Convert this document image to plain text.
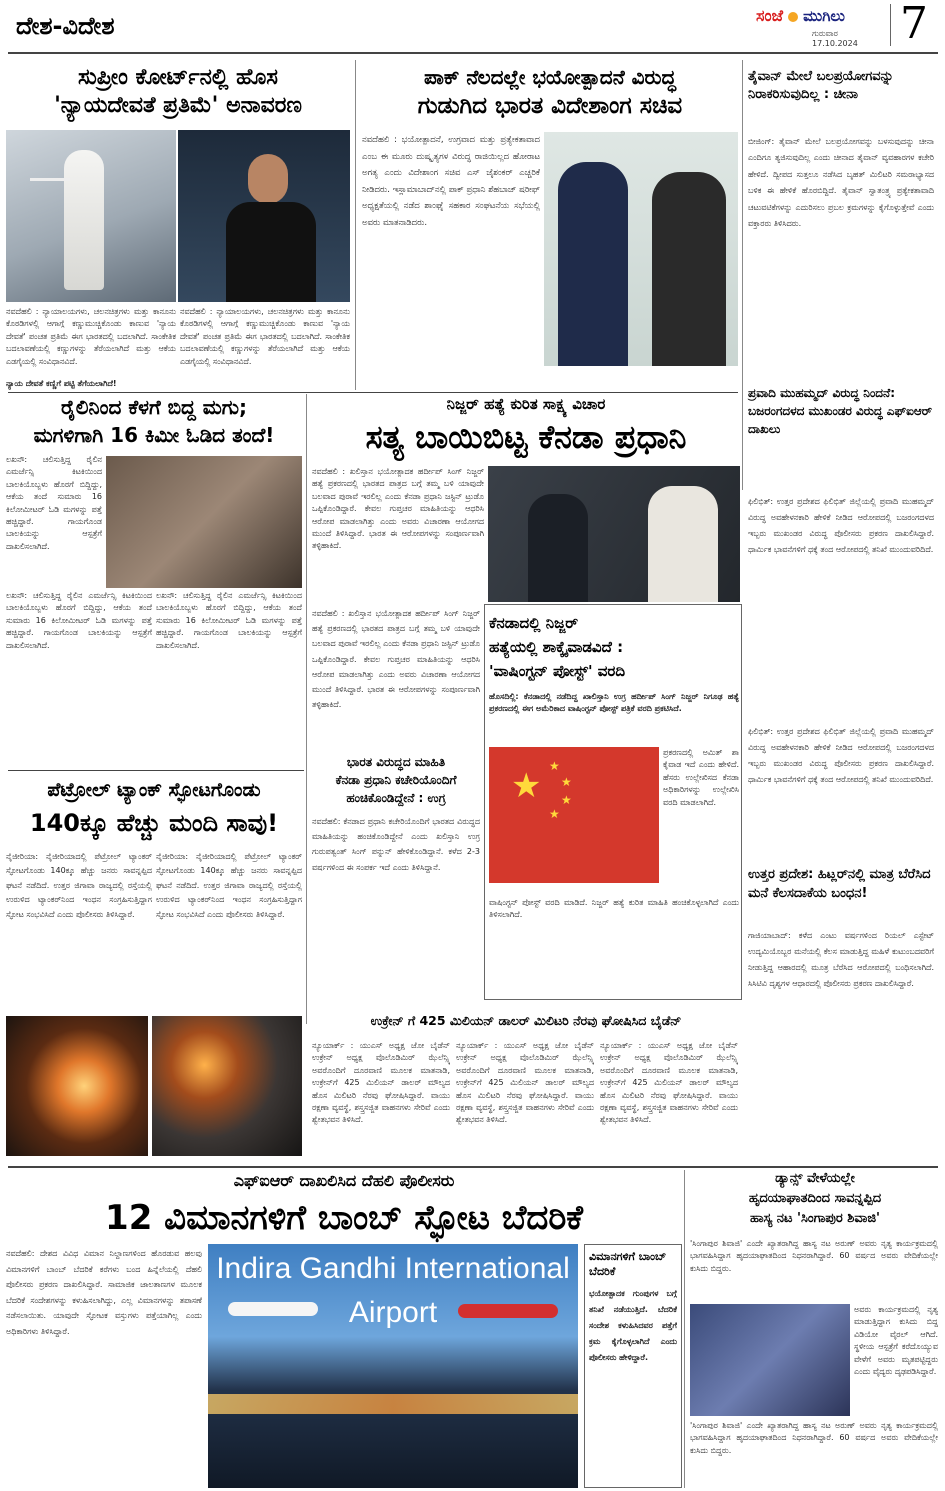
ದೇಶ-ವಿದೇಶ	ಸಂಜೆ ಮುಗಿಲು
ಗುರುವಾರ
17.10.2024 7
ಸುಪ್ರೀಂ ಕೋರ್ಟ್‌ನಲ್ಲಿ ಹೊಸ
'ನ್ಯಾಯದೇವತೆ ಪ್ರತಿಮೆ' ಅನಾವರಣ
ನವದೆಹಲಿ : ನ್ಯಾಯಾಲಯಗಳು, ಚಲನಚಿತ್ರಗಳು ಮತ್ತು ಕಾನೂನು ಕೊಠಡಿಗಳಲ್ಲಿ ಆಗಾಗ್ಗೆ ಕಣ್ಣುಮುಚ್ಚಿಕೊಂಡು ಕಾಣುವ 'ನ್ಯಾಯ ದೇವತೆ' ಪಂಚತ ಪ್ರತಿಮೆ ಈಗ ಭಾರತದಲ್ಲಿ ಬದಲಾಗಿದೆ. ಸಾಂಕೇತಿಕ ಬದಲಾವಣೆಯಲ್ಲಿ ಕಣ್ಣುಗಳನ್ನು ತೆರೆಯಲಾಗಿದೆ ಮತ್ತು ಆಕೆಯ ಎಡಗೈಯಲ್ಲಿ ಸಂವಿಧಾನವಿದೆ.
ನವದೆಹಲಿ : ನ್ಯಾಯಾಲಯಗಳು, ಚಲನಚಿತ್ರಗಳು ಮತ್ತು ಕಾನೂನು ಕೊಠಡಿಗಳಲ್ಲಿ ಆಗಾಗ್ಗೆ ಕಣ್ಣುಮುಚ್ಚಿಕೊಂಡು ಕಾಣುವ 'ನ್ಯಾಯ ದೇವತೆ' ಪಂಚತ ಪ್ರತಿಮೆ ಈಗ ಭಾರತದಲ್ಲಿ ಬದಲಾಗಿದೆ. ಸಾಂಕೇತಿಕ ಬದಲಾವಣೆಯಲ್ಲಿ ಕಣ್ಣುಗಳನ್ನು ತೆರೆಯಲಾಗಿದೆ ಮತ್ತು ಆಕೆಯ ಎಡಗೈಯಲ್ಲಿ ಸಂವಿಧಾನವಿದೆ.
ನ್ಯಾಯ ದೇವತೆ ಕಣ್ಣಿಗೆ ಪಟ್ಟಿ ತೆಗೆಯಲಾಗಿದೆ!
ಪಾಕ್ ನೆಲದಲ್ಲೇ ಭಯೋತ್ಪಾದನೆ ವಿರುದ್ಧ
ಗುಡುಗಿದ ಭಾರತ ವಿದೇಶಾಂಗ ಸಚಿವ
ನವದೆಹಲಿ : ಭಯೋತ್ಪಾದನೆ, ಉಗ್ರವಾದ ಮತ್ತು ಪ್ರತ್ಯೇಕತಾವಾದ ಎಂಬ ಈ ಮೂರು ದುಷ್ಕೃತ್ಯಗಳ ವಿರುದ್ಧ ರಾಜಿಯಿಲ್ಲದ ಹೋರಾಟ ಅಗತ್ಯ ಎಂದು ವಿದೇಶಾಂಗ ಸಚಿವ ಎಸ್ ಜೈಶಂಕರ್ ಎಚ್ಚರಿಕೆ ನೀಡಿದರು. ಇಸ್ಲಾಮಾಬಾದ್‌ನಲ್ಲಿ ಪಾಕ್ ಪ್ರಧಾನಿ ಶೆಹಬಾಜ್ ಷರೀಫ್ ಅಧ್ಯಕ್ಷತೆಯಲ್ಲಿ ನಡೆದ ಶಾಂಘೈ ಸಹಕಾರ ಸಂಘಟನೆಯ ಸಭೆಯಲ್ಲಿ ಅವರು ಮಾತನಾಡಿದರು.
ತೈವಾನ್ ಮೇಲೆ ಬಲಪ್ರಯೋಗವನ್ನು ನಿರಾಕರಿಸುವುದಿಲ್ಲ : ಚೀನಾ
ಬೀಜಿಂಗ್: ತೈವಾನ್ ಮೇಲೆ ಬಲಪ್ರಯೋಗವನ್ನು ಬಳಸುವುದನ್ನು ಚೀನಾ ಎಂದಿಗೂ ತ್ಯಜಿಸುವುದಿಲ್ಲ ಎಂದು ಚೀನಾದ ತೈವಾನ್ ವ್ಯವಹಾರಗಳ ಕಚೇರಿ ಹೇಳಿದೆ. ದ್ವೀಪದ ಸುತ್ತಲೂ ನಡೆಸಿದ ಬೃಹತ್ ಮಿಲಿಟರಿ ಸಮರಾಭ್ಯಾಸದ ಬಳಿಕ ಈ ಹೇಳಿಕೆ ಹೊರಬಿದ್ದಿದೆ. ತೈವಾನ್ ಸ್ವಾತಂತ್ರ್ಯ ಪ್ರತ್ಯೇಕತಾವಾದಿ ಚಟುವಟಿಕೆಗಳನ್ನು ಎದುರಿಸಲು ಪ್ರಬಲ ಕ್ರಮಗಳನ್ನು ಕೈಗೊಳ್ಳುತ್ತೇವೆ ಎಂದು ವಕ್ತಾರರು ತಿಳಿಸಿದರು.
ನಿಜ್ಜರ್ ಹತ್ಯೆ ಕುರಿತ ಸಾಕ್ಷ್ಯ ವಿಚಾರ
ಸತ್ಯ ಬಾಯಿಬಿಟ್ಟ ಕೆನಡಾ ಪ್ರಧಾನಿ
ನವದೆಹಲಿ : ಖಲಿಸ್ತಾನ ಭಯೋತ್ಪಾದಕ ಹರ್ದೀಪ್ ಸಿಂಗ್ ನಿಜ್ಜರ್ ಹತ್ಯೆ ಪ್ರಕರಣದಲ್ಲಿ ಭಾರತದ ಪಾತ್ರದ ಬಗ್ಗೆ ತಮ್ಮ ಬಳಿ ಯಾವುದೇ ಬಲವಾದ ಪುರಾವೆ ಇರಲಿಲ್ಲ ಎಂದು ಕೆನಡಾ ಪ್ರಧಾನಿ ಜಸ್ಟಿನ್ ಟ್ರುಡೊ ಒಪ್ಪಿಕೊಂಡಿದ್ದಾರೆ. ಕೇವಲ ಗುಪ್ತಚರ ಮಾಹಿತಿಯನ್ನು ಆಧರಿಸಿ ಆರೋಪ ಮಾಡಲಾಗಿತ್ತು ಎಂದು ಅವರು ವಿಚಾರಣಾ ಆಯೋಗದ ಮುಂದೆ ತಿಳಿಸಿದ್ದಾರೆ. ಭಾರತ ಈ ಆರೋಪಗಳನ್ನು ಸಂಪೂರ್ಣವಾಗಿ ತಳ್ಳಿಹಾಕಿದೆ.
ರೈಲಿನಿಂದ ಕೆಳಗೆ ಬಿದ್ದ ಮಗು;
ಮಗಳಿಗಾಗಿ 16 ಕಿಮೀ ಓಡಿದ ತಂದೆ!
ಲಖನೌ: ಚಲಿಸುತ್ತಿದ್ದ ರೈಲಿನ ಎಮರ್ಜೆನ್ಸಿ ಕಿಟಕಿಯಿಂದ ಬಾಲಕಿಯೊಬ್ಬಳು ಹೊರಗೆ ಬಿದ್ದಿದ್ದು, ಆಕೆಯ ತಂದೆ ಸುಮಾರು 16 ಕಿಲೋಮೀಟರ್ ಓಡಿ ಮಗಳನ್ನು ಪತ್ತೆ ಹಚ್ಚಿದ್ದಾರೆ. ಗಾಯಗೊಂಡ ಬಾಲಕಿಯನ್ನು ಆಸ್ಪತ್ರೆಗೆ ದಾಖಲಿಸಲಾಗಿದೆ.
ಲಖನೌ: ಚಲಿಸುತ್ತಿದ್ದ ರೈಲಿನ ಎಮರ್ಜೆನ್ಸಿ ಕಿಟಕಿಯಿಂದ ಬಾಲಕಿಯೊಬ್ಬಳು ಹೊರಗೆ ಬಿದ್ದಿದ್ದು, ಆಕೆಯ ತಂದೆ ಸುಮಾರು 16 ಕಿಲೋಮೀಟರ್ ಓಡಿ ಮಗಳನ್ನು ಪತ್ತೆ ಹಚ್ಚಿದ್ದಾರೆ. ಗಾಯಗೊಂಡ ಬಾಲಕಿಯನ್ನು ಆಸ್ಪತ್ರೆಗೆ ದಾಖಲಿಸಲಾಗಿದೆ.
ಲಖನೌ: ಚಲಿಸುತ್ತಿದ್ದ ರೈಲಿನ ಎಮರ್ಜೆನ್ಸಿ ಕಿಟಕಿಯಿಂದ ಬಾಲಕಿಯೊಬ್ಬಳು ಹೊರಗೆ ಬಿದ್ದಿದ್ದು, ಆಕೆಯ ತಂದೆ ಸುಮಾರು 16 ಕಿಲೋಮೀಟರ್ ಓಡಿ ಮಗಳನ್ನು ಪತ್ತೆ ಹಚ್ಚಿದ್ದಾರೆ. ಗಾಯಗೊಂಡ ಬಾಲಕಿಯನ್ನು ಆಸ್ಪತ್ರೆಗೆ ದಾಖಲಿಸಲಾಗಿದೆ.
ಪ್ರವಾದಿ ಮುಹಮ್ಮದ್ ವಿರುದ್ಧ ನಿಂದನೆ: ಬಜರಂಗದಳದ ಮುಖಂಡರ ವಿರುದ್ಧ ಎಫ್‌ಐಆರ್ ದಾಖಲು
ಫಿಲಿಭಿತ್: ಉತ್ತರ ಪ್ರದೇಶದ ಫಿಲಿಭಿತ್ ಜಿಲ್ಲೆಯಲ್ಲಿ ಪ್ರವಾದಿ ಮುಹಮ್ಮದ್ ವಿರುದ್ಧ ಅವಹೇಳನಕಾರಿ ಹೇಳಿಕೆ ನೀಡಿದ ಆರೋಪದಲ್ಲಿ ಬಜರಂಗದಳದ ಇಬ್ಬರು ಮುಖಂಡರ ವಿರುದ್ಧ ಪೊಲೀಸರು ಪ್ರಕರಣ ದಾಖಲಿಸಿದ್ದಾರೆ. ಧಾರ್ಮಿಕ ಭಾವನೆಗಳಿಗೆ ಧಕ್ಕೆ ತಂದ ಆರೋಪದಲ್ಲಿ ತನಿಖೆ ಮುಂದುವರಿದಿದೆ.
ಕೆನಡಾದಲ್ಲಿ ನಿಜ್ಜರ್
ಹತ್ಯೆಯಲ್ಲಿ ಶಾಕ್ಕೈವಾಡವಿದೆ :
'ವಾಷಿಂಗ್ಟನ್ ಪೋಸ್ಟ್' ವರದಿ
ಹೊಸದಿಲ್ಲಿ: ಕೆನಡಾದಲ್ಲಿ ನಡೆದಿದ್ದ ಖಾಲಿಸ್ತಾನಿ ಉಗ್ರ ಹರ್ದೀಪ್ ಸಿಂಗ್ ನಿಜ್ಜರ್ ನಿಗೂಢ ಹತ್ಯೆ ಪ್ರಕರಣದಲ್ಲಿ ಈಗ ಅಮೆರಿಕಾದ ವಾಷಿಂಗ್ಟನ್ ಪೋಸ್ಟ್ ಪತ್ರಿಕೆ ವರದಿ ಪ್ರಕಟಿಸಿದೆ.
★ ★
★
★
★
ಪ್ರಕರಣದಲ್ಲಿ ಅಮಿತ್ ಶಾ ಕೈವಾಡ ಇದೆ ಎಂದು ಹೇಳಿದೆ. ಹೆಸರು ಉಲ್ಲೇಖಿಸದ ಕೆನಡಾ ಅಧಿಕಾರಿಗಳನ್ನು ಉಲ್ಲೇಖಿಸಿ ವರದಿ ಮಾಡಲಾಗಿದೆ.
ವಾಷಿಂಗ್ಟನ್ ಪೋಸ್ಟ್ ವರದಿ ಮಾಡಿದೆ. ನಿಜ್ಜರ್ ಹತ್ಯೆ ಕುರಿತ ಮಾಹಿತಿ ಹಂಚಿಕೊಳ್ಳಲಾಗಿದೆ ಎಂದು ತಿಳಿಸಲಾಗಿದೆ.
ಭಾರತ ವಿರುದ್ಧದ ಮಾಹಿತಿ
ಕೆನಡಾ ಪ್ರಧಾನಿ ಕಚೇರಿಯೊಂದಿಗೆ
ಹಂಚಿಕೊಂಡಿದ್ದೇನೆ : ಉಗ್ರ
ನವದೆಹಲಿ: ಕೆನಡಾದ ಪ್ರಧಾನಿ ಕಚೇರಿಯೊಂದಿಗೆ ಭಾರತದ ವಿರುದ್ಧದ ಮಾಹಿತಿಯನ್ನು ಹಂಚಿಕೊಂಡಿದ್ದೇನೆ ಎಂದು ಖಲಿಸ್ತಾನಿ ಉಗ್ರ ಗುರುಪತ್ವಂತ್ ಸಿಂಗ್ ಪನ್ನುನ್ ಹೇಳಿಕೊಂಡಿದ್ದಾನೆ. ಕಳೆದ 2-3 ವರ್ಷಗಳಿಂದ ಈ ಸಂಪರ್ಕ ಇದೆ ಎಂದು ತಿಳಿಸಿದ್ದಾನೆ.
ನವದೆಹಲಿ : ಖಲಿಸ್ತಾನ ಭಯೋತ್ಪಾದಕ ಹರ್ದೀಪ್ ಸಿಂಗ್ ನಿಜ್ಜರ್ ಹತ್ಯೆ ಪ್ರಕರಣದಲ್ಲಿ ಭಾರತದ ಪಾತ್ರದ ಬಗ್ಗೆ ತಮ್ಮ ಬಳಿ ಯಾವುದೇ ಬಲವಾದ ಪುರಾವೆ ಇರಲಿಲ್ಲ ಎಂದು ಕೆನಡಾ ಪ್ರಧಾನಿ ಜಸ್ಟಿನ್ ಟ್ರುಡೊ ಒಪ್ಪಿಕೊಂಡಿದ್ದಾರೆ. ಕೇವಲ ಗುಪ್ತಚರ ಮಾಹಿತಿಯನ್ನು ಆಧರಿಸಿ ಆರೋಪ ಮಾಡಲಾಗಿತ್ತು ಎಂದು ಅವರು ವಿಚಾರಣಾ ಆಯೋಗದ ಮುಂದೆ ತಿಳಿಸಿದ್ದಾರೆ. ಭಾರತ ಈ ಆರೋಪಗಳನ್ನು ಸಂಪೂರ್ಣವಾಗಿ ತಳ್ಳಿಹಾಕಿದೆ.
ಉತ್ತರ ಪ್ರದೇಶ: ಹಿಟ್ಲರ್‌ನಲ್ಲಿ ಮಾತ್ರ ಬೆರೆಸಿದ ಮನೆ ಕೆಲಸದಾಕೆಯ ಬಂಧನ!
ಫಿಲಿಭಿತ್: ಉತ್ತರ ಪ್ರದೇಶದ ಫಿಲಿಭಿತ್ ಜಿಲ್ಲೆಯಲ್ಲಿ ಪ್ರವಾದಿ ಮುಹಮ್ಮದ್ ವಿರುದ್ಧ ಅವಹೇಳನಕಾರಿ ಹೇಳಿಕೆ ನೀಡಿದ ಆರೋಪದಲ್ಲಿ ಬಜರಂಗದಳದ ಇಬ್ಬರು ಮುಖಂಡರ ವಿರುದ್ಧ ಪೊಲೀಸರು ಪ್ರಕರಣ ದಾಖಲಿಸಿದ್ದಾರೆ. ಧಾರ್ಮಿಕ ಭಾವನೆಗಳಿಗೆ ಧಕ್ಕೆ ತಂದ ಆರೋಪದಲ್ಲಿ ತನಿಖೆ ಮುಂದುವರಿದಿದೆ.
ಗಾಜಿಯಾಬಾದ್: ಕಳೆದ ಎಂಟು ವರ್ಷಗಳಿಂದ ರಿಯಲ್ ಎಸ್ಟೇಟ್ ಉದ್ಯಮಿಯೊಬ್ಬರ ಮನೆಯಲ್ಲಿ ಕೆಲಸ ಮಾಡುತ್ತಿದ್ದ ಮಹಿಳೆ ಕುಟುಂಬದವರಿಗೆ ನೀಡುತ್ತಿದ್ದ ಆಹಾರದಲ್ಲಿ ಮೂತ್ರ ಬೆರೆಸಿದ ಆರೋಪದಲ್ಲಿ ಬಂಧಿಸಲಾಗಿದೆ. ಸಿಸಿಟಿವಿ ದೃಶ್ಯಗಳ ಆಧಾರದಲ್ಲಿ ಪೊಲೀಸರು ಪ್ರಕರಣ ದಾಖಲಿಸಿದ್ದಾರೆ.
ಪೆಟ್ರೋಲ್ ಟ್ಯಾಂಕ್ ಸ್ಫೋಟಗೊಂಡು
140ಕ್ಕೂ ಹೆಚ್ಚು ಮಂದಿ ಸಾವು!
ನೈಜೀರಿಯಾ: ನೈಜೀರಿಯಾದಲ್ಲಿ ಪೆಟ್ರೋಲ್ ಟ್ಯಾಂಕರ್ ಸ್ಫೋಟಗೊಂಡು 140ಕ್ಕೂ ಹೆಚ್ಚು ಜನರು ಸಾವನ್ನಪ್ಪಿದ ಘಟನೆ ನಡೆದಿದೆ. ಉತ್ತರ ಜಿಗಾವಾ ರಾಜ್ಯದಲ್ಲಿ ರಸ್ತೆಯಲ್ಲಿ ಉರುಳಿದ ಟ್ಯಾಂಕರ್‌ನಿಂದ ಇಂಧನ ಸಂಗ್ರಹಿಸುತ್ತಿದ್ದಾಗ ಸ್ಫೋಟ ಸಂಭವಿಸಿದೆ ಎಂದು ಪೊಲೀಸರು ತಿಳಿಸಿದ್ದಾರೆ.
ನೈಜೀರಿಯಾ: ನೈಜೀರಿಯಾದಲ್ಲಿ ಪೆಟ್ರೋಲ್ ಟ್ಯಾಂಕರ್ ಸ್ಫೋಟಗೊಂಡು 140ಕ್ಕೂ ಹೆಚ್ಚು ಜನರು ಸಾವನ್ನಪ್ಪಿದ ಘಟನೆ ನಡೆದಿದೆ. ಉತ್ತರ ಜಿಗಾವಾ ರಾಜ್ಯದಲ್ಲಿ ರಸ್ತೆಯಲ್ಲಿ ಉರುಳಿದ ಟ್ಯಾಂಕರ್‌ನಿಂದ ಇಂಧನ ಸಂಗ್ರಹಿಸುತ್ತಿದ್ದಾಗ ಸ್ಫೋಟ ಸಂಭವಿಸಿದೆ ಎಂದು ಪೊಲೀಸರು ತಿಳಿಸಿದ್ದಾರೆ.
ಉಕ್ರೇನ್ ಗೆ 425 ಮಿಲಿಯನ್ ಡಾಲರ್ ಮಿಲಿಟರಿ ನೆರವು ಘೋಷಿಸಿದ ಬೈಡೆನ್
ನ್ಯೂಯಾರ್ಕ್ : ಯುಎಸ್ ಅಧ್ಯಕ್ಷ ಜೋ ಬೈಡೆನ್ ಉಕ್ರೇನ್ ಅಧ್ಯಕ್ಷ ವೊಲೊಡಿಮಿರ್ ಝೆಲೆನ್ಸ್ಕಿ ಅವರೊಂದಿಗೆ ದೂರವಾಣಿ ಮೂಲಕ ಮಾತನಾಡಿ, ಉಕ್ರೇನ್‌ಗೆ 425 ಮಿಲಿಯನ್ ಡಾಲರ್ ಮೌಲ್ಯದ ಹೊಸ ಮಿಲಿಟರಿ ನೆರವು ಘೋಷಿಸಿದ್ದಾರೆ. ವಾಯು ರಕ್ಷಣಾ ವ್ಯವಸ್ಥೆ, ಶಸ್ತ್ರಸಜ್ಜಿತ ವಾಹನಗಳು ಸೇರಿವೆ ಎಂದು ಶ್ವೇತಭವನ ತಿಳಿಸಿದೆ.
ನ್ಯೂಯಾರ್ಕ್ : ಯುಎಸ್ ಅಧ್ಯಕ್ಷ ಜೋ ಬೈಡೆನ್ ಉಕ್ರೇನ್ ಅಧ್ಯಕ್ಷ ವೊಲೊಡಿಮಿರ್ ಝೆಲೆನ್ಸ್ಕಿ ಅವರೊಂದಿಗೆ ದೂರವಾಣಿ ಮೂಲಕ ಮಾತನಾಡಿ, ಉಕ್ರೇನ್‌ಗೆ 425 ಮಿಲಿಯನ್ ಡಾಲರ್ ಮೌಲ್ಯದ ಹೊಸ ಮಿಲಿಟರಿ ನೆರವು ಘೋಷಿಸಿದ್ದಾರೆ. ವಾಯು ರಕ್ಷಣಾ ವ್ಯವಸ್ಥೆ, ಶಸ್ತ್ರಸಜ್ಜಿತ ವಾಹನಗಳು ಸೇರಿವೆ ಎಂದು ಶ್ವೇತಭವನ ತಿಳಿಸಿದೆ.
ನ್ಯೂಯಾರ್ಕ್ : ಯುಎಸ್ ಅಧ್ಯಕ್ಷ ಜೋ ಬೈಡೆನ್ ಉಕ್ರೇನ್ ಅಧ್ಯಕ್ಷ ವೊಲೊಡಿಮಿರ್ ಝೆಲೆನ್ಸ್ಕಿ ಅವರೊಂದಿಗೆ ದೂರವಾಣಿ ಮೂಲಕ ಮಾತನಾಡಿ, ಉಕ್ರೇನ್‌ಗೆ 425 ಮಿಲಿಯನ್ ಡಾಲರ್ ಮೌಲ್ಯದ ಹೊಸ ಮಿಲಿಟರಿ ನೆರವು ಘೋಷಿಸಿದ್ದಾರೆ. ವಾಯು ರಕ್ಷಣಾ ವ್ಯವಸ್ಥೆ, ಶಸ್ತ್ರಸಜ್ಜಿತ ವಾಹನಗಳು ಸೇರಿವೆ ಎಂದು ಶ್ವೇತಭವನ ತಿಳಿಸಿದೆ.
ಎಫ್‌ಐಆರ್ ದಾಖಲಿಸಿದ ದೆಹಲಿ ಪೊಲೀಸರು
12 ವಿಮಾನಗಳಿಗೆ ಬಾಂಬ್ ಸ್ಫೋಟ ಬೆದರಿಕೆ
ನವದೆಹಲಿ: ದೇಶದ ವಿವಿಧ ವಿಮಾನ ನಿಲ್ದಾಣಗಳಿಂದ ಹೊರಡುವ ಹಲವು ವಿಮಾನಗಳಿಗೆ ಬಾಂಬ್ ಬೆದರಿಕೆ ಕರೆಗಳು ಬಂದ ಹಿನ್ನೆಲೆಯಲ್ಲಿ ದೆಹಲಿ ಪೊಲೀಸರು ಪ್ರಕರಣ ದಾಖಲಿಸಿದ್ದಾರೆ. ಸಾಮಾಜಿಕ ಜಾಲತಾಣಗಳ ಮೂಲಕ ಬೆದರಿಕೆ ಸಂದೇಶಗಳನ್ನು ಕಳುಹಿಸಲಾಗಿದ್ದು, ಎಲ್ಲ ವಿಮಾನಗಳನ್ನು ತಪಾಸಣೆ ನಡೆಸಲಾಯಿತು. ಯಾವುದೇ ಸ್ಫೋಟಕ ವಸ್ತುಗಳು ಪತ್ತೆಯಾಗಿಲ್ಲ ಎಂದು ಅಧಿಕಾರಿಗಳು ತಿಳಿಸಿದ್ದಾರೆ.
Indira Gandhi International
Airport
ವಿಮಾನಗಳಿಗೆ ಬಾಂಬ್ ಬೆದರಿಕೆ
ಭಯೋತ್ಪಾದಕ ಗುಂಪುಗಳ ಬಗ್ಗೆ ತನಿಖೆ ನಡೆಯುತ್ತಿದೆ. ಬೆದರಿಕೆ ಸಂದೇಶ ಕಳುಹಿಸಿದವರ ಪತ್ತೆಗೆ ಕ್ರಮ ಕೈಗೊಳ್ಳಲಾಗಿದೆ ಎಂದು ಪೊಲೀಸರು ಹೇಳಿದ್ದಾರೆ.
ಡ್ಯಾನ್ಸ್ ವೇಳೆಯಲ್ಲೇ
ಹೃದಯಾಘಾತದಿಂದ ಸಾವನ್ನಪ್ಪಿದ
ಹಾಸ್ಯ ನಟ 'ಸಿಂಗಾಪುರ ಶಿವಾಜಿ'
'ಸಿಂಗಾಪುರ ಶಿವಾಜಿ' ಎಂದೇ ಖ್ಯಾತರಾಗಿದ್ದ ಹಾಸ್ಯ ನಟ ಅರುಣ್ ಅವರು ನೃತ್ಯ ಕಾರ್ಯಕ್ರಮದಲ್ಲಿ ಭಾಗವಹಿಸಿದ್ದಾಗ ಹೃದಯಾಘಾತದಿಂದ ನಿಧನರಾಗಿದ್ದಾರೆ. 60 ವರ್ಷದ ಅವರು ವೇದಿಕೆಯಲ್ಲೇ ಕುಸಿದು ಬಿದ್ದರು.
ಅವರು ಕಾರ್ಯಕ್ರಮದಲ್ಲಿ ನೃತ್ಯ ಮಾಡುತ್ತಿದ್ದಾಗ ಕುಸಿದು ಬಿದ್ದ ವಿಡಿಯೋ ವೈರಲ್ ಆಗಿದೆ. ಸ್ಥಳೀಯ ಆಸ್ಪತ್ರೆಗೆ ಕರೆದೊಯ್ಯುವ ವೇಳೆಗೆ ಅವರು ಮೃತಪಟ್ಟಿದ್ದರು ಎಂದು ವೈದ್ಯರು ದೃಢಪಡಿಸಿದ್ದಾರೆ.
'ಸಿಂಗಾಪುರ ಶಿವಾಜಿ' ಎಂದೇ ಖ್ಯಾತರಾಗಿದ್ದ ಹಾಸ್ಯ ನಟ ಅರುಣ್ ಅವರು ನೃತ್ಯ ಕಾರ್ಯಕ್ರಮದಲ್ಲಿ ಭಾಗವಹಿಸಿದ್ದಾಗ ಹೃದಯಾಘಾತದಿಂದ ನಿಧನರಾಗಿದ್ದಾರೆ. 60 ವರ್ಷದ ಅವರು ವೇದಿಕೆಯಲ್ಲೇ ಕುಸಿದು ಬಿದ್ದರು.
